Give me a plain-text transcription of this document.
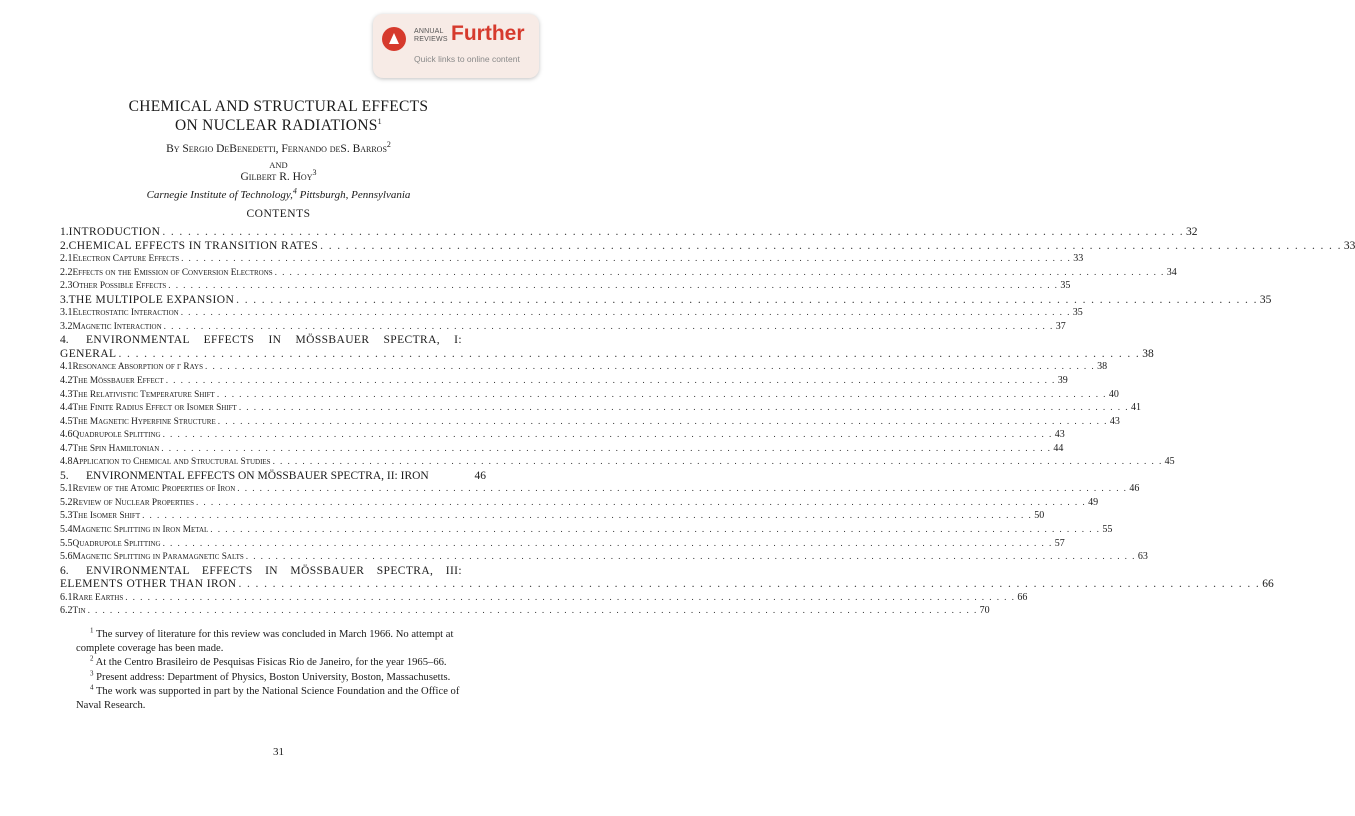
ANNUAL
REVIEWS Further
Quick links to online content
CHEMICAL AND STRUCTURAL EFFECTS
ON NUCLEAR RADIATIONS$^1$
By Sergio DeBenedetti, Fernando deS. Barros$^2$
AND
Gilbert R. Hoy$^3$
Carnegie Institute of Technology,$^4$ Pittsburgh, Pennsylvania
CONTENTS
1. INTRODUCTION . . . . . . . . . . . . . . . . . . . . . . . . . . . . . . . . . . . . . . . . . . . . . . . . . . . . . . . . . . . . . . . . . . . . . . . . . . . . . . . . . . . . . . . . . . . . . . . . . . . . . . . . . . . . . . . . . . . . . . . . 32
2. CHEMICAL EFFECTS IN TRANSITION RATES . . . . . . . . . . . . . . . . . . . . . . . . . . . . . . . . . . . . . . . . . . . . . . . . . . . . . . . . . . . . . . . . . . . . . . . . . . . . . . . . . . . . . . . . . . . . . . . . . . . . . . . . . . . . . . . . . . . . . . . . 33
2.1 Electron Capture Effects . . . . . . . . . . . . . . . . . . . . . . . . . . . . . . . . . . . . . . . . . . . . . . . . . . . . . . . . . . . . . . . . . . . . . . . . . . . . . . . . . . . . . . . . . . . . . . . . . . . . . . . . . . . . . . . . . . . . . . . . 33
2.2 Effects on the Emission of Conversion Electrons . . . . . . . . . . . . . . . . . . . . . . . . . . . . . . . . . . . . . . . . . . . . . . . . . . . . . . . . . . . . . . . . . . . . . . . . . . . . . . . . . . . . . . . . . . . . . . . . . . . . . . . . . . . . . . . . . . . . . . . . 34
2.3 Other Possible Effects . . . . . . . . . . . . . . . . . . . . . . . . . . . . . . . . . . . . . . . . . . . . . . . . . . . . . . . . . . . . . . . . . . . . . . . . . . . . . . . . . . . . . . . . . . . . . . . . . . . . . . . . . . . . . . . . . . . . . . . . 35
3. THE MULTIPOLE EXPANSION . . . . . . . . . . . . . . . . . . . . . . . . . . . . . . . . . . . . . . . . . . . . . . . . . . . . . . . . . . . . . . . . . . . . . . . . . . . . . . . . . . . . . . . . . . . . . . . . . . . . . . . . . . . . . . . . . . . . . . . . 35
3.1 Electrostatic Interaction . . . . . . . . . . . . . . . . . . . . . . . . . . . . . . . . . . . . . . . . . . . . . . . . . . . . . . . . . . . . . . . . . . . . . . . . . . . . . . . . . . . . . . . . . . . . . . . . . . . . . . . . . . . . . . . . . . . . . . . . 35
3.2 Magnetic Interaction . . . . . . . . . . . . . . . . . . . . . . . . . . . . . . . . . . . . . . . . . . . . . . . . . . . . . . . . . . . . . . . . . . . . . . . . . . . . . . . . . . . . . . . . . . . . . . . . . . . . . . . . . . . . . . . . . . . . . . . . 37
4.	ENVIRONMENTAL EFFECTS IN MÖSSBAUER SPECTRA, I:
GENERAL . . . . . . . . . . . . . . . . . . . . . . . . . . . . . . . . . . . . . . . . . . . . . . . . . . . . . . . . . . . . . . . . . . . . . . . . . . . . . . . . . . . . . . . . . . . . . . . . . . . . . . . . . . . . . . . . . . . . . . . . 38
4.1 Resonance Absorption of γ Rays . . . . . . . . . . . . . . . . . . . . . . . . . . . . . . . . . . . . . . . . . . . . . . . . . . . . . . . . . . . . . . . . . . . . . . . . . . . . . . . . . . . . . . . . . . . . . . . . . . . . . . . . . . . . . . . . . . . . . . . . 38
4.2 The Mössbauer Effect . . . . . . . . . . . . . . . . . . . . . . . . . . . . . . . . . . . . . . . . . . . . . . . . . . . . . . . . . . . . . . . . . . . . . . . . . . . . . . . . . . . . . . . . . . . . . . . . . . . . . . . . . . . . . . . . . . . . . . . . 39
4.3 The Relativistic Temperature Shift . . . . . . . . . . . . . . . . . . . . . . . . . . . . . . . . . . . . . . . . . . . . . . . . . . . . . . . . . . . . . . . . . . . . . . . . . . . . . . . . . . . . . . . . . . . . . . . . . . . . . . . . . . . . . . . . . . . . . . . . 40
4.4 The Finite Radius Effect or Isomer Shift . . . . . . . . . . . . . . . . . . . . . . . . . . . . . . . . . . . . . . . . . . . . . . . . . . . . . . . . . . . . . . . . . . . . . . . . . . . . . . . . . . . . . . . . . . . . . . . . . . . . . . . . . . . . . . . . . . . . . . . . 41
4.5 The Magnetic Hyperfine Structure . . . . . . . . . . . . . . . . . . . . . . . . . . . . . . . . . . . . . . . . . . . . . . . . . . . . . . . . . . . . . . . . . . . . . . . . . . . . . . . . . . . . . . . . . . . . . . . . . . . . . . . . . . . . . . . . . . . . . . . . 43
4.6 Quadrupole Splitting . . . . . . . . . . . . . . . . . . . . . . . . . . . . . . . . . . . . . . . . . . . . . . . . . . . . . . . . . . . . . . . . . . . . . . . . . . . . . . . . . . . . . . . . . . . . . . . . . . . . . . . . . . . . . . . . . . . . . . . . 43
4.7 The Spin Hamiltonian . . . . . . . . . . . . . . . . . . . . . . . . . . . . . . . . . . . . . . . . . . . . . . . . . . . . . . . . . . . . . . . . . . . . . . . . . . . . . . . . . . . . . . . . . . . . . . . . . . . . . . . . . . . . . . . . . . . . . . . . 44
4.8 Application to Chemical and Structural Studies . . . . . . . . . . . . . . . . . . . . . . . . . . . . . . . . . . . . . . . . . . . . . . . . . . . . . . . . . . . . . . . . . . . . . . . . . . . . . . . . . . . . . . . . . . . . . . . . . . . . . . . . . . . . . . . . . . . . . . . . 45
5.	ENVIRONMENTAL EFFECTS ON MÖSSBAUER SPECTRA, II: IRON	46
5.1 Review of the Atomic Properties of Iron . . . . . . . . . . . . . . . . . . . . . . . . . . . . . . . . . . . . . . . . . . . . . . . . . . . . . . . . . . . . . . . . . . . . . . . . . . . . . . . . . . . . . . . . . . . . . . . . . . . . . . . . . . . . . . . . . . . . . . . . 46
5.2 Review of Nuclear Properties . . . . . . . . . . . . . . . . . . . . . . . . . . . . . . . . . . . . . . . . . . . . . . . . . . . . . . . . . . . . . . . . . . . . . . . . . . . . . . . . . . . . . . . . . . . . . . . . . . . . . . . . . . . . . . . . . . . . . . . . 49
5.3 The Isomer Shift . . . . . . . . . . . . . . . . . . . . . . . . . . . . . . . . . . . . . . . . . . . . . . . . . . . . . . . . . . . . . . . . . . . . . . . . . . . . . . . . . . . . . . . . . . . . . . . . . . . . . . . . . . . . . . . . . . . . . . . . 50
5.4 Magnetic Splitting in Iron Metal . . . . . . . . . . . . . . . . . . . . . . . . . . . . . . . . . . . . . . . . . . . . . . . . . . . . . . . . . . . . . . . . . . . . . . . . . . . . . . . . . . . . . . . . . . . . . . . . . . . . . . . . . . . . . . . . . . . . . . . . 55
5.5 Quadrupole Splitting . . . . . . . . . . . . . . . . . . . . . . . . . . . . . . . . . . . . . . . . . . . . . . . . . . . . . . . . . . . . . . . . . . . . . . . . . . . . . . . . . . . . . . . . . . . . . . . . . . . . . . . . . . . . . . . . . . . . . . . . 57
5.6 Magnetic Splitting in Paramagnetic Salts . . . . . . . . . . . . . . . . . . . . . . . . . . . . . . . . . . . . . . . . . . . . . . . . . . . . . . . . . . . . . . . . . . . . . . . . . . . . . . . . . . . . . . . . . . . . . . . . . . . . . . . . . . . . . . . . . . . . . . . . 63
6.	ENVIRONMENTAL EFFECTS IN MÖSSBAUER SPECTRA, III:
ELEMENTS OTHER THAN IRON . . . . . . . . . . . . . . . . . . . . . . . . . . . . . . . . . . . . . . . . . . . . . . . . . . . . . . . . . . . . . . . . . . . . . . . . . . . . . . . . . . . . . . . . . . . . . . . . . . . . . . . . . . . . . . . . . . . . . . . . 66
6.1 Rare Earths . . . . . . . . . . . . . . . . . . . . . . . . . . . . . . . . . . . . . . . . . . . . . . . . . . . . . . . . . . . . . . . . . . . . . . . . . . . . . . . . . . . . . . . . . . . . . . . . . . . . . . . . . . . . . . . . . . . . . . . . 66
6.2 Tin . . . . . . . . . . . . . . . . . . . . . . . . . . . . . . . . . . . . . . . . . . . . . . . . . . . . . . . . . . . . . . . . . . . . . . . . . . . . . . . . . . . . . . . . . . . . . . . . . . . . . . . . . . . . . . . . . . . . . . . . 70

$^1$ The survey of literature for this review was concluded in March 1966. No attempt at complete coverage has been made.

$^2$ At the Centro Brasileiro de Pesquisas Fisicas Rio de Janeiro, for the year 1965–66.

$^3$ Present address: Department of Physics, Boston University, Boston, Massachusetts.

$^4$ The work was supported in part by the National Science Foundation and the Office of Naval Research.

31
